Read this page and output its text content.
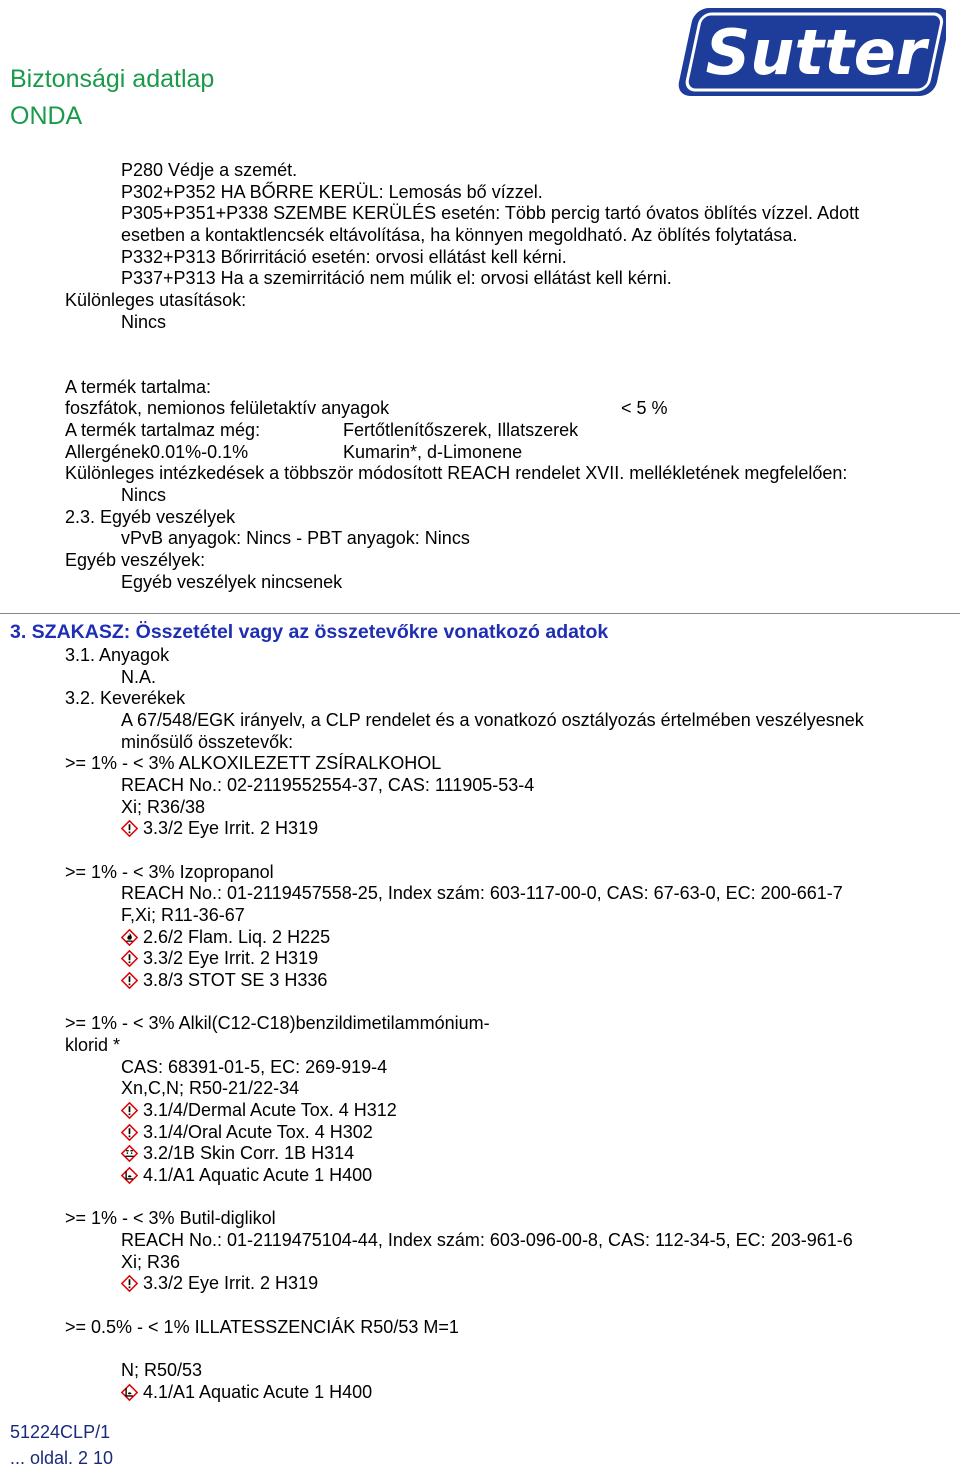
Biztonsági adatlap
ONDA
Sutter
P280 Védje a szemét.
P302+P352 HA BŐRRE KERÜL: Lemosás bő vízzel.
P305+P351+P338 SZEMBE KERÜLÉS esetén: Több percig tartó óvatos öblítés vízzel. Adott
esetben a kontaktlencsék eltávolítása, ha könnyen megoldható. Az öblítés folytatása.
P332+P313 Bőrirritáció esetén: orvosi ellátást kell kérni.
P337+P313 Ha a szemirritáció nem múlik el: orvosi ellátást kell kérni.
Különleges utasítások:
Nincs
A termék tartalma:
foszfátok, nemionos felületaktív anyagok	< 5 %
A termék tartalmaz még:	Fertőtlenítőszerek, Illatszerek
Allergének0.01%-0.1%	Kumarin*, d-Limonene
Különleges intézkedések a többször módosított REACH rendelet XVII. mellékletének megfelelően:
Nincs
2.3. Egyéb veszélyek
vPvB anyagok: Nincs - PBT anyagok: Nincs
Egyéb veszélyek:
Egyéb veszélyek nincsenek
3. SZAKASZ: Összetétel vagy az összetevőkre vonatkozó adatok
3.1. Anyagok
N.A.
3.2. Keverékek
A 67/548/EGK irányelv, a CLP rendelet és a vonatkozó osztályozás értelmében veszélyesnek
minősülő összetevők:
>= 1% - < 3% ALKOXILEZETT ZSÍRALKOHOL
REACH No.: 02-2119552554-37, CAS: 111905-53-4
Xi; R36/38
3.3/2 Eye Irrit. 2 H319
>= 1% - < 3% Izopropanol
REACH No.: 01-2119457558-25, Index szám: 603-117-00-0, CAS: 67-63-0, EC: 200-661-7
F,Xi; R11-36-67
2.6/2 Flam. Liq. 2 H225
3.3/2 Eye Irrit. 2 H319
3.8/3 STOT SE 3 H336
>= 1% - < 3% Alkil(C12-C18)benzildimetilammónium-
klorid *
CAS: 68391-01-5, EC: 269-919-4
Xn,C,N; R50-21/22-34
3.1/4/Dermal Acute Tox. 4 H312
3.1/4/Oral Acute Tox. 4 H302
3.2/1B Skin Corr. 1B H314
4.1/A1 Aquatic Acute 1 H400
>= 1% - < 3% Butil-diglikol
REACH No.: 01-2119475104-44, Index szám: 603-096-00-8, CAS: 112-34-5, EC: 203-961-6
Xi; R36
3.3/2 Eye Irrit. 2 H319
>= 0.5% - < 1% ILLATESSZENCIÁK R50/53 M=1
N; R50/53
4.1/A1 Aquatic Acute 1 H400
51224CLP/1
... oldal. 2 10
